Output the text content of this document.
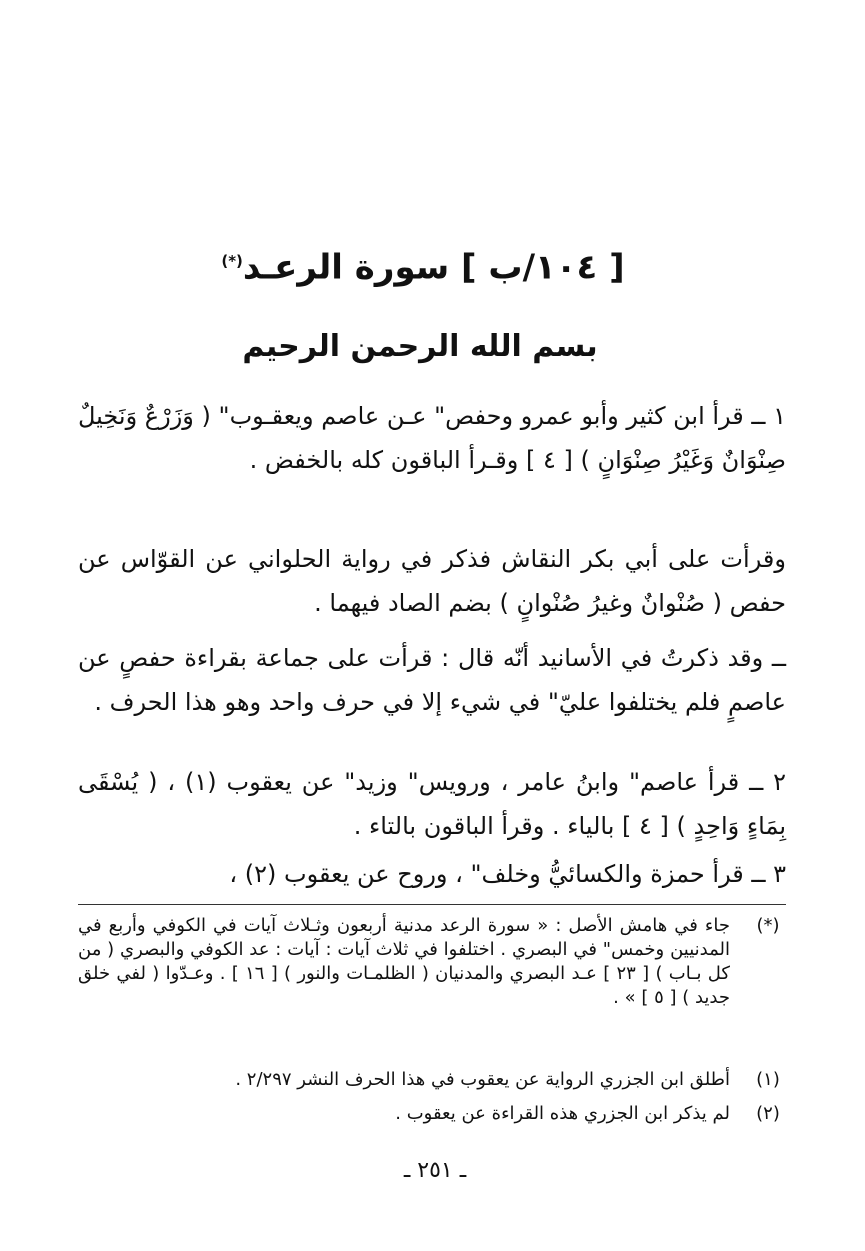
[ ١٠٤/ب ] سورة الرعـد(*)
بسم الله الرحمن الرحيم
١ ــ قرأ ابن كثير وأبو عمرو وحفص" عـن عاصم ويعقـوب" ( وَزَرْعٌ وَنَخِيلٌ صِنْوَانٌ وَغَيْرُ صِنْوَانٍ ) [ ٤ ] وقـرأ الباقون كله بالخفض .
وقرأت على أبي بكر النقاش فذكر في رواية الحلواني عن القوّاس عن حفص ( صُنْوانٌ وغيرُ صُنْوانٍ ) بضم الصاد فيهما .
ــ وقد ذكرتُ في الأسانيد أنّه قال : قرأت على جماعة بقراءة حفصٍ عن عاصمٍ فلم يختلفوا عليّ" في شيء إلا في حرف واحد وهو هذا الحرف .
٢ ــ قرأ عاصم" وابنُ عامر ، ورويس" وزيد" عن يعقوب (١) ، ( يُسْقَى بِمَاءٍ وَاحِدٍ ) [ ٤ ] بالياء . وقرأ الباقون بالتاء .
٣ ــ قرأ حمزة والكسائيُّ وخلف" ، وروح عن يعقوب (٢) ،
(*)
جاء في هامش الأصل : « سورة الرعد مدنية أربعون وثـلاث آيات في الكوفي وأربع في المدنيين وخمس" في البصري . اختلفوا في ثلاث آيات : آيات : عد الكوفي والبصري ( من كل بـاب ) [ ٢٣ ] عـد البصري والمدنيان ( الظلمـات والنور ) [ ١٦ ] . وعـدّوا ( لفي خلق جديد ) [ ٥ ] » .
(١)
أطلق ابن الجزري الرواية عن يعقوب في هذا الحرف النشر ٢/٢٩٧ .
(٢)
لم يذكر ابن الجزري هذه القراءة عن يعقوب .
ـ ٢٥١ ـ
